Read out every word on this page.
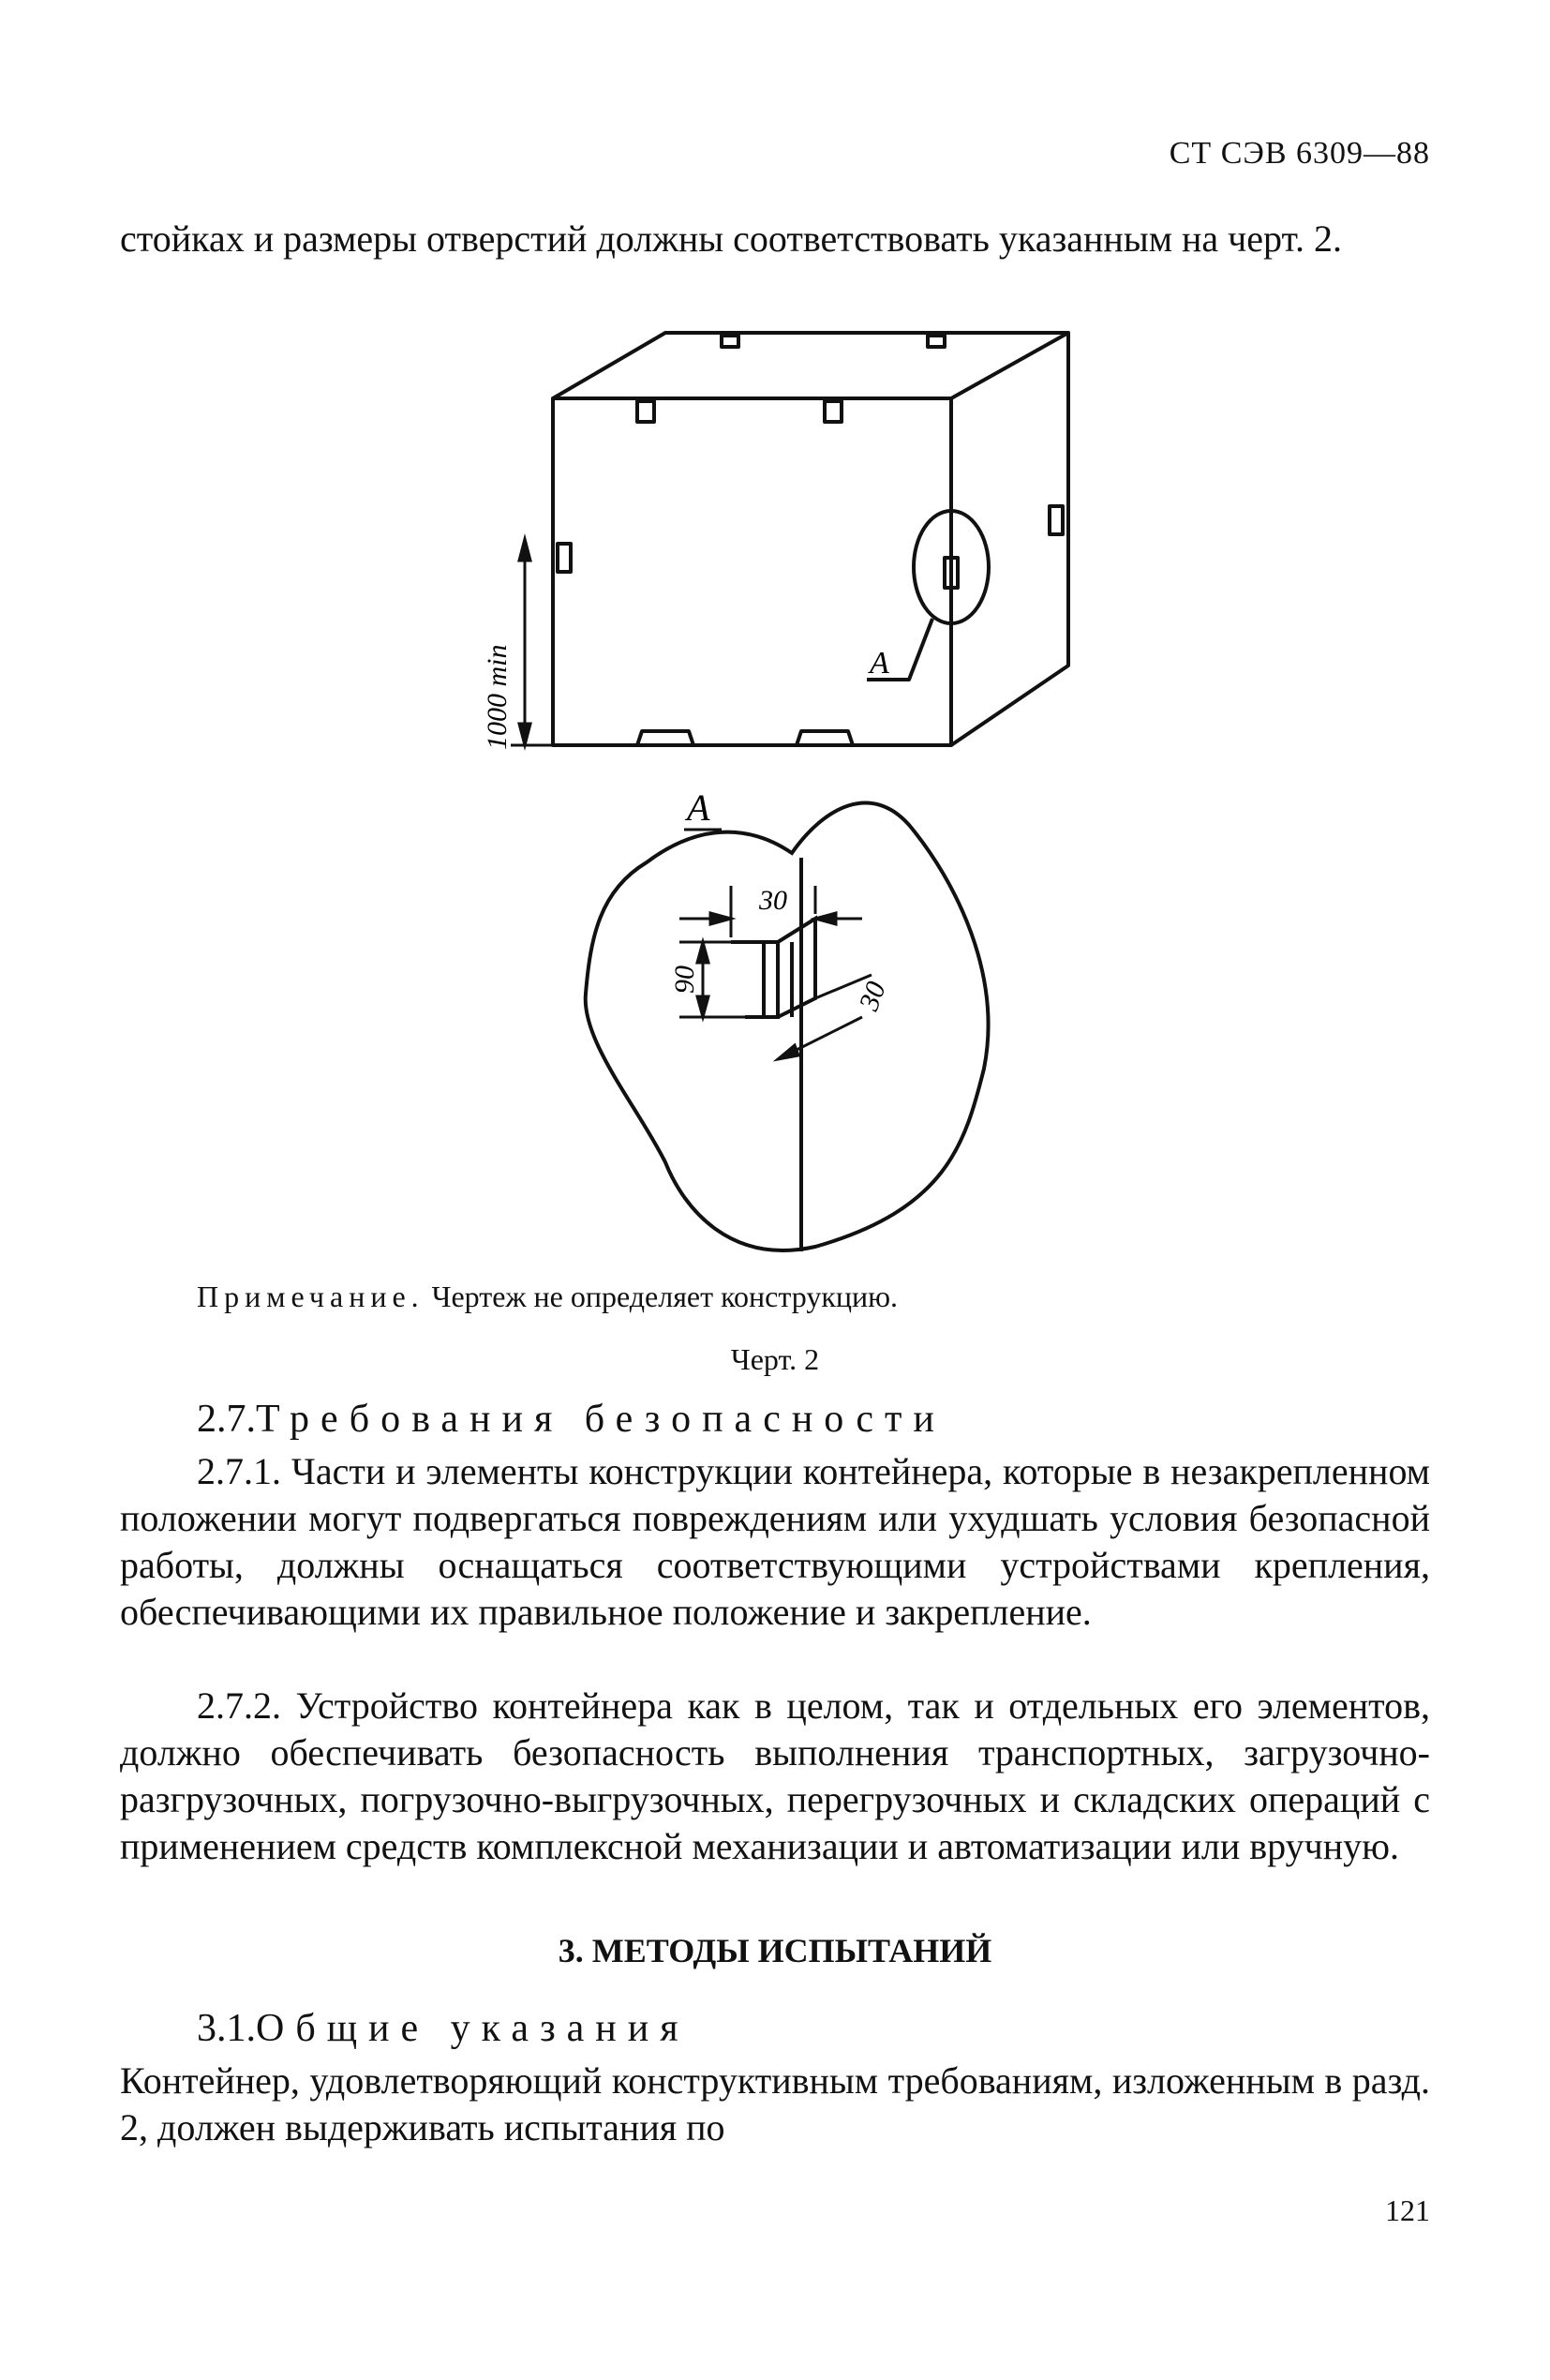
СТ СЭВ 6309—88
стойках и размеры отверстий должны соответствовать указанным на черт. 2.
1000 min	А
А
30
90	30
Примечание. Чертеж не определяет конструкцию.
Черт. 2
2.7.Требования безопасности
2.7.1. Части и элементы конструкции контейнера, которые в незакрепленном положении могут подвергаться повреждениям или ухудшать условия безопасной работы, должны оснащаться соответствующими устройствами крепления, обеспечивающими их правильное положение и закрепление.
2.7.2. Устройство контейнера как в целом, так и отдельных его элементов, должно обеспечивать безопасность выполнения транспортных, загрузочно-разгрузочных, погрузочно-выгрузочных, перегрузочных и складских операций с применением средств комплексной механизации и автоматизации или вручную.
3. МЕТОДЫ ИСПЫТАНИЙ
3.1.Общие указания
Контейнер, удовлетворяющий конструктивным требованиям, изложенным в разд. 2, должен выдерживать испытания по
121
